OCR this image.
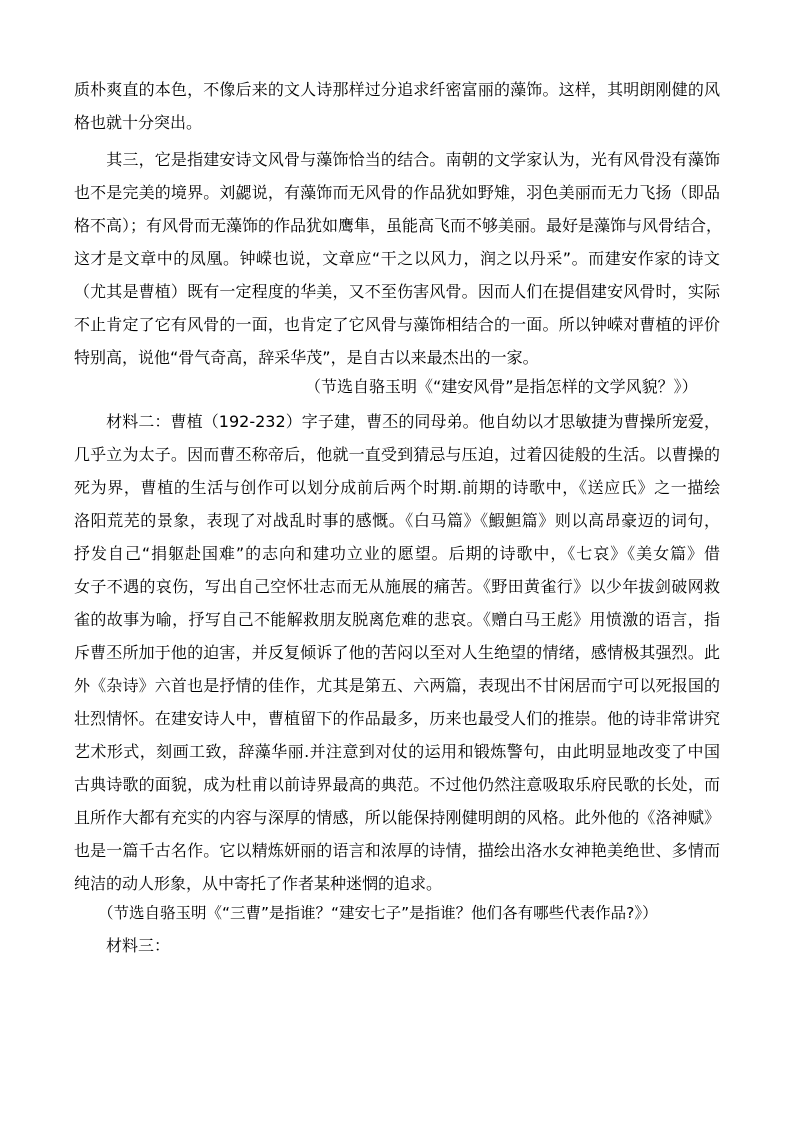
质朴爽直的本色，不像后来的文人诗那样过分追求纤密富丽的藻饰。这样，其明朗刚健的风
格也就十分突出。
　　其三，它是指建安诗文风骨与藻饰恰当的结合。南朝的文学家认为，光有风骨没有藻饰
也不是完美的境界。刘勰说，有藻饰而无风骨的作品犹如野雉，羽色美丽而无力飞扬（即品
格不高）；有风骨而无藻饰的作品犹如鹰隼，虽能高飞而不够美丽。最好是藻饰与风骨结合，
这才是文章中的凤凰。钟嵘也说，文章应“干之以风力，润之以丹采”。而建安作家的诗文
（尤其是曹植）既有一定程度的华美，又不至伤害风骨。因而人们在提倡建安风骨时，实际
不止肯定了它有风骨的一面，也肯定了它风骨与藻饰相结合的一面。所以钟嵘对曹植的评价
特别高，说他“骨气奇高，辞采华茂”，是自古以来最杰出的一家。
（节选自骆玉明《“建安风骨”是指怎样的文学风貌？》）
　　材料二：曹植（192-232）字子建，曹丕的同母弟。他自幼以才思敏捷为曹操所宠爱，
几乎立为太子。因而曹丕称帝后，他就一直受到猜忌与压迫，过着囚徒般的生活。以曹操的
死为界，曹植的生活与创作可以划分成前后两个时期.前期的诗歌中，《送应氏》之一描绘
洛阳荒芜的景象，表现了对战乱时事的感慨。《白马篇》《鰕䱇篇》则以高昂豪迈的词句，
抒发自己“捐躯赴国难”的志向和建功立业的愿望。后期的诗歌中，《七哀》《美女篇》借
女子不遇的哀伤，写出自己空怀壮志而无从施展的痛苦。《野田黄雀行》以少年拔剑破网救
雀的故事为喻，抒写自己不能解救朋友脱离危难的悲哀。《赠白马王彪》用愤激的语言，指
斥曹丕所加于他的迫害，并反复倾诉了他的苦闷以至对人生绝望的情绪，感情极其强烈。此
外《杂诗》六首也是抒情的佳作，尤其是第五、六两篇，表现出不甘闲居而宁可以死报国的
壮烈情怀。在建安诗人中，曹植留下的作品最多，历来也最受人们的推崇。他的诗非常讲究
艺术形式，刻画工致，辞藻华丽.并注意到对仗的运用和锻炼警句，由此明显地改变了中国
古典诗歌的面貌，成为杜甫以前诗界最高的典范。不过他仍然注意吸取乐府民歌的长处，而
且所作大都有充实的内容与深厚的情感，所以能保持刚健明朗的风格。此外他的《洛神赋》
也是一篇千古名作。它以精炼妍丽的语言和浓厚的诗情，描绘出洛水女神艳美绝世、多情而
纯洁的动人形象，从中寄托了作者某种迷惘的追求。
（节选自骆玉明《“三曹”是指谁？“建安七子”是指谁？他们各有哪些代表作品?》）
　　材料三：
